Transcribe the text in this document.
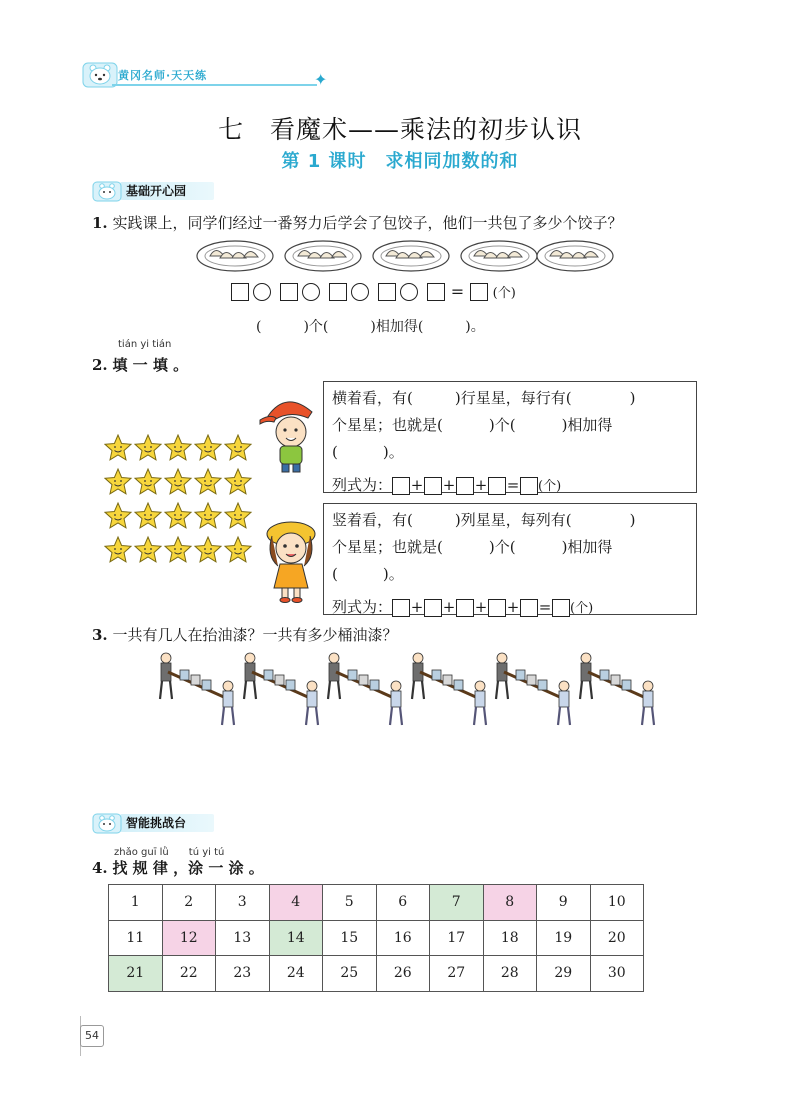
黄冈名师·天天练	✦
七　看魔术——乘法的初步认识
第 1 课时　求相同加数的和
基础开心园
1. 实践课上，同学们经过一番努力后学会了包饺子，他们一共包了多少个饺子？
= (个)
(　　　)个(　　　)相加得(　　　)。
tián yi tián
2. 填 一 填 。
横着看，有(	)行星星，每行有(	)
个星星；也就是(	)个(	)相加得
(　　　)。
列式为： + + + = (个)
竖着看，有(	)列星星，每列有(	)
个星星；也就是(	)个(	)相加得
(　　　)。
列式为： + + + + = (个)
3. 一共有几人在抬油漆？一共有多少桶油漆？
智能挑战台
zhǎo guī lǜ　　tú yi tú
4. 找 规 律 ，涂 一 涂 。
1	2	3	4	5	6	7	8	9	10
11	12	13	14	15	16	17	18	19	20
21	22	23	24	25	26	27	28	29	30
54
